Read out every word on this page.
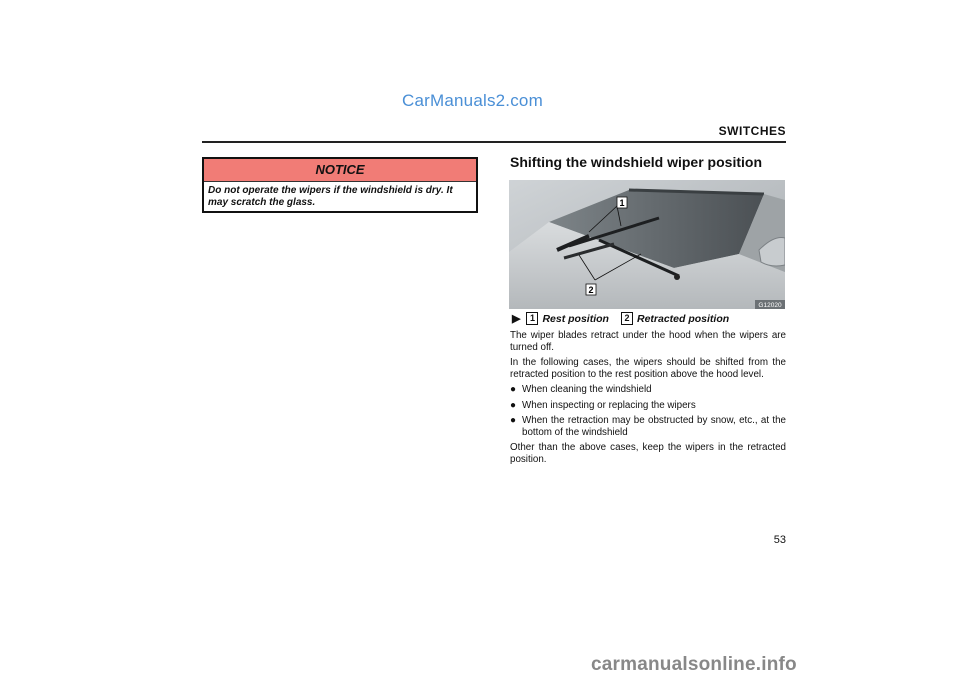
CarManuals2.com
SWITCHES
NOTICE
Do not operate the wipers if the windshield is dry. It may scratch the glass.
Shifting the windshield wiper position
1
2
G12020
▶	1 Rest position	2 Retracted position

The wiper blades retract under the hood when the wipers are turned off.

In the following cases, the wipers should be shifted from the retracted position to the rest position above the hood level.

● When cleaning the windshield
● When inspecting or replacing the wipers
● When the retraction may be obstructed by snow, etc., at the bottom of the windshield

Other than the above cases, keep the wipers in the retracted position.

53
carmanualsonline.info
